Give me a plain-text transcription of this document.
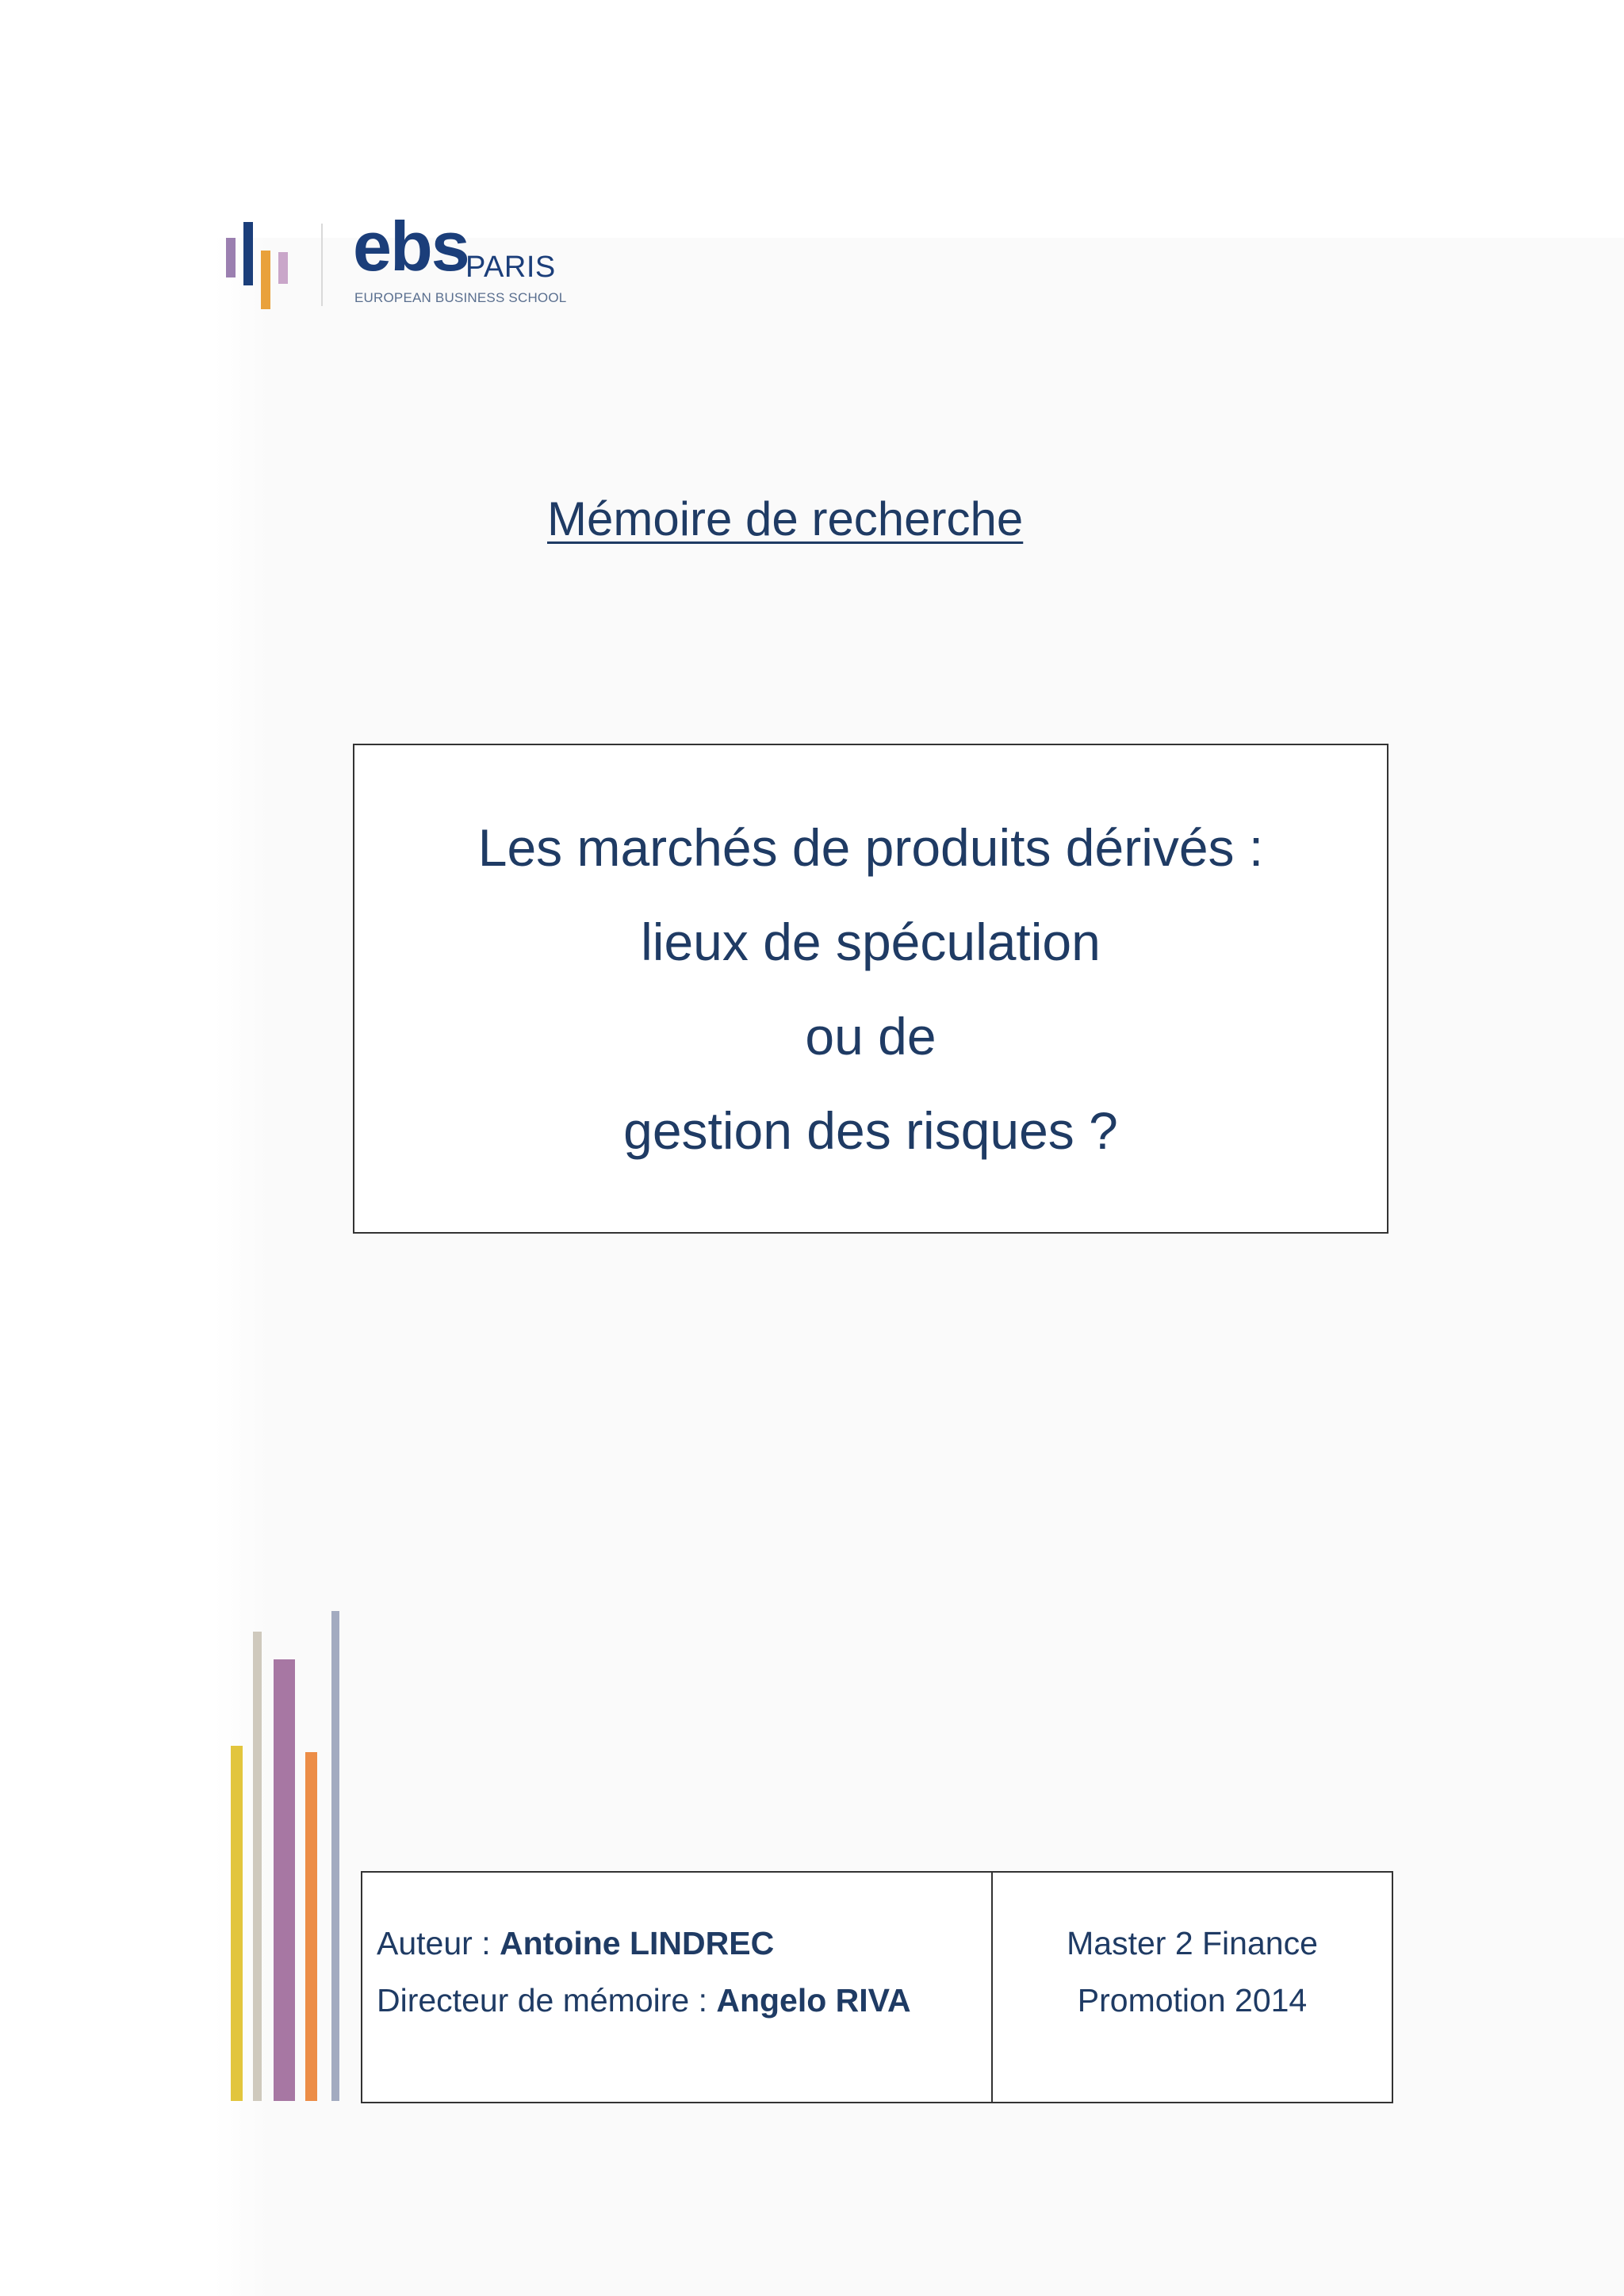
ebs
PARIS
EUROPEAN BUSINESS SCHOOL
Mémoire de recherche
Les marchés de produits dérivés :
lieux de spéculation
ou de
gestion des risques ?
Auteur : Antoine LINDREC
Directeur de mémoire : Angelo RIVA
Master 2 Finance
Promotion 2014
